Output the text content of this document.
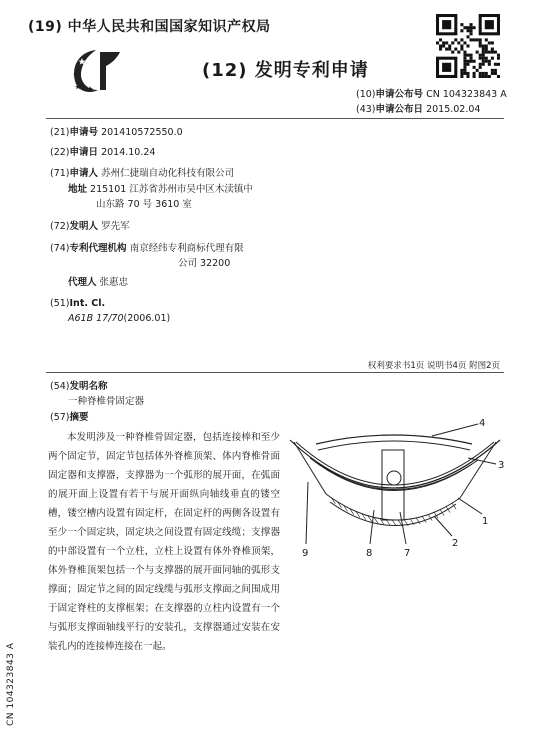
(19) 中华人民共和国国家知识产权局
(12) 发明专利申请
(10)申请公布号 CN 104323843 A
(43)申请公布日 2015.02.04
(21)申请号 201410572550.0
(22)申请日 2014.10.24
(71)申请人 苏州仁捷瑞自动化科技有限公司
地址 215101 江苏省苏州市吴中区木渎镇中
山东路 70 号 3610 室
(72)发明人 罗先军
(74)专利代理机构 南京经纬专利商标代理有限
公司 32200
代理人 张惠忠
(51)Int. Cl.
A61B 17/70(2006.01)
权利要求书1页 说明书4页 附图2页
(54)发明名称
一种脊椎骨固定器
(57)摘要
本发明涉及一种脊椎骨固定器，包括连接棒和至少两个固定节，固定节包括体外脊椎顶架、体内脊椎骨面固定器和支撑器，支撑器为一个弧形的展开面，在弧面的展开面上设置有若干与展开面纵向轴线垂直的镂空槽，镂空槽内设置有固定杆，在固定杆的两侧各设置有至少一个固定块，固定块之间设置有固定线缆；支撑器的中部设置有一个立柱，立柱上设置有体外脊椎顶架，体外脊椎顶架包括一个与支撑器的展开面同轴的弧形支撑面；固定节之间的固定线缆与弧形支撑面之间围成用于固定脊柱的支撑框架；在支撑器的立柱内设置有一个与弧形支撑面轴线平行的安装孔，支撑器通过安装在安装孔内的连接棒连接在一起。
4
3
1
2
7
8
9
CN 104323843 A
